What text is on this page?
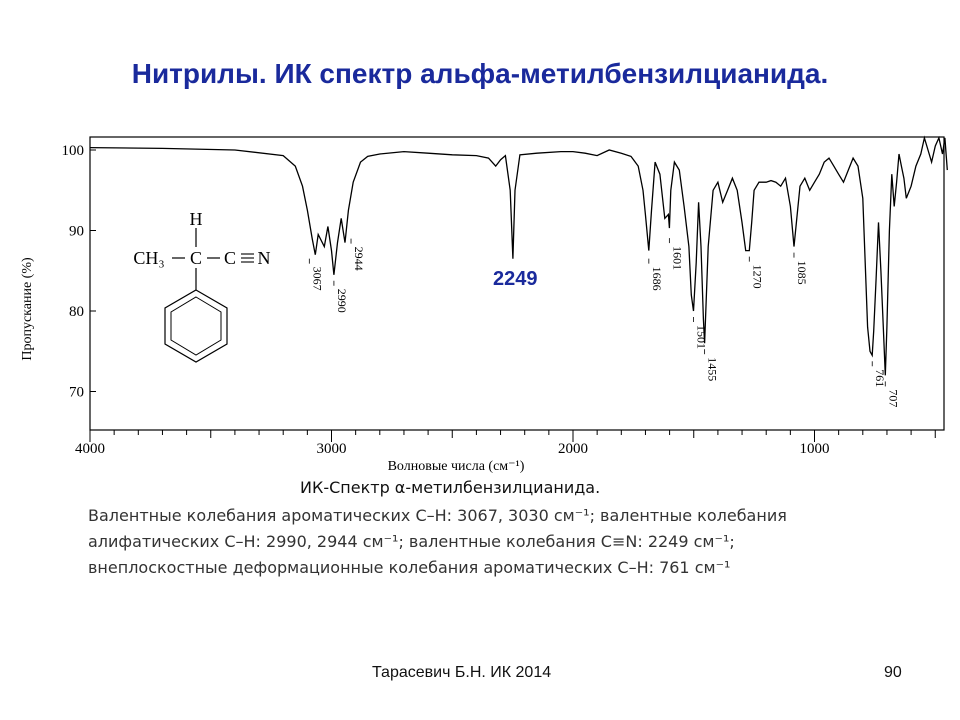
Нитрилы. ИК спектр альфа-метилбензилцианида.
100
90
80
70
4000	3000	2000	1000
3067
2990
2944
1686
1601
1501
1455
1270	1085
761
707
Волновые числа (см⁻¹)
Пропускание (%)
H
CH₃ C C N
2249
ИК-Спектр α-метилбензилцианида.
Валентные колебания ароматических C–H: 3067, 3030 см⁻¹; валентные колебания
алифатических C–H: 2990, 2944 см⁻¹; валентные колебания C≡N: 2249 см⁻¹;
внеплоскостные деформационные колебания ароматических C–H: 761 см⁻¹
Тарасевич Б.Н. ИК 2014	90
